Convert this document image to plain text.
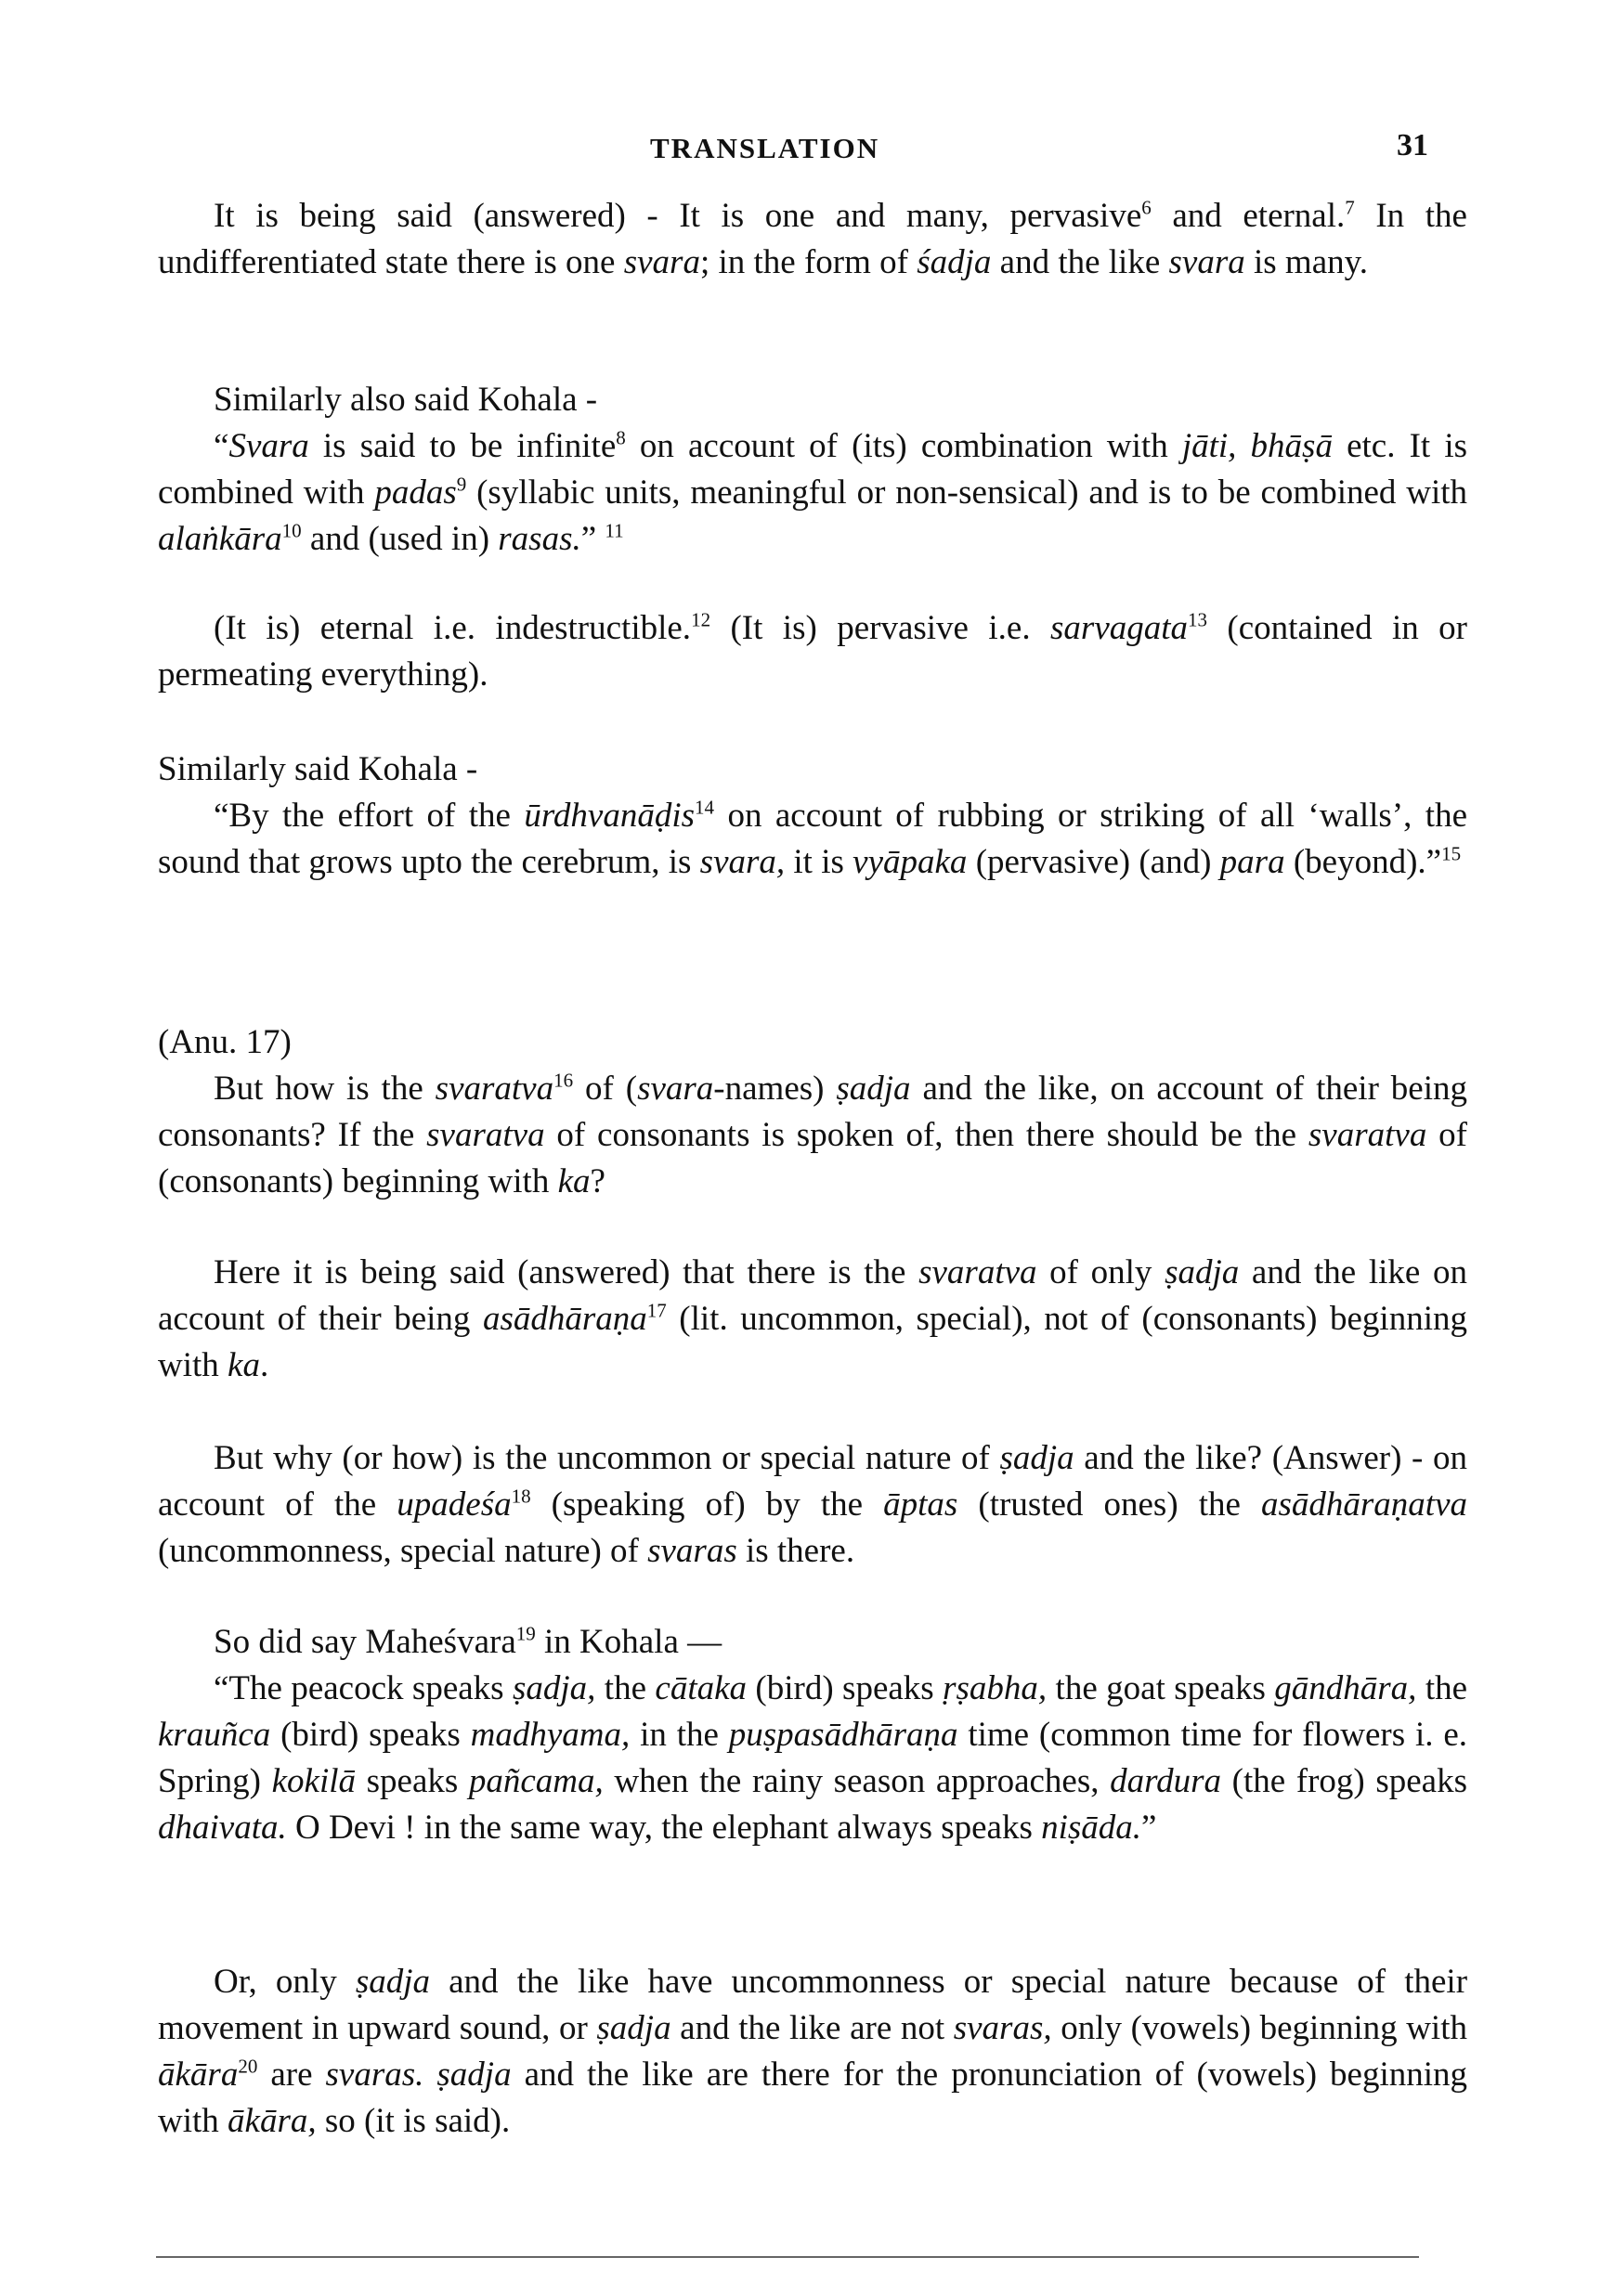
TRANSLATION	31

It is being said (answered) - It is one and many, pervasive$^6$ and eternal.$^7$ In the undifferentiated state there is one svara; in the form of śadja and the like svara is many.

Similarly also said Kohala -

“Svara is said to be infinite$^8$ on account of (its) combination with jāti, bhāṣā etc. It is combined with padas$^9$ (syllabic units, meaningful or non-sensical) and is to be combined with alaṅkāra$^{10}$ and (used in) rasas.” $^{11}$

(It is) eternal i.e. indestructible.$^{12}$ (It is) pervasive i.e. sarvagata$^{13}$ (contained in or permeating everything).

Similarly said Kohala -

“By the effort of the ūrdhvanāḍis$^{14}$ on account of rubbing or striking of all ‘walls’, the sound that grows upto the cerebrum, is svara, it is vyāpaka (pervasive) (and) para (beyond).”$^{15}$

(Anu. 17)

But how is the svaratva$^{16}$ of (svara-names) ṣadja and the like, on account of their being consonants? If the svaratva of consonants is spoken of, then there should be the svaratva of (consonants) beginning with ka?

Here it is being said (answered) that there is the svaratva of only ṣadja and the like on account of their being asādhāraṇa$^{17}$ (lit. uncommon, special), not of (consonants) beginning with ka.

But why (or how) is the uncommon or special nature of ṣadja and the like? (Answer) - on account of the upadeśa$^{18}$ (speaking of) by the āptas (trusted ones) the asādhāraṇatva (uncommonness, special nature) of svaras is there.

So did say Maheśvara$^{19}$ in Kohala —

“The peacock speaks ṣadja, the cātaka (bird) speaks ṛṣabha, the goat speaks gāndhāra, the krauñca (bird) speaks madhyama, in the puṣpasādhāraṇa time (common time for flowers i. e. Spring) kokilā speaks pañcama, when the rainy season approaches, dardura (the frog) speaks dhaivata. O Devi ! in the same way, the elephant always speaks niṣāda.”

Or, only ṣadja and the like have uncommonness or special nature because of their movement in upward sound, or ṣadja and the like are not svaras, only (vowels) beginning with ākāra$^{20}$ are svaras. ṣadja and the like are there for the pronunciation of (vowels) beginning with ākāra, so (it is said).
